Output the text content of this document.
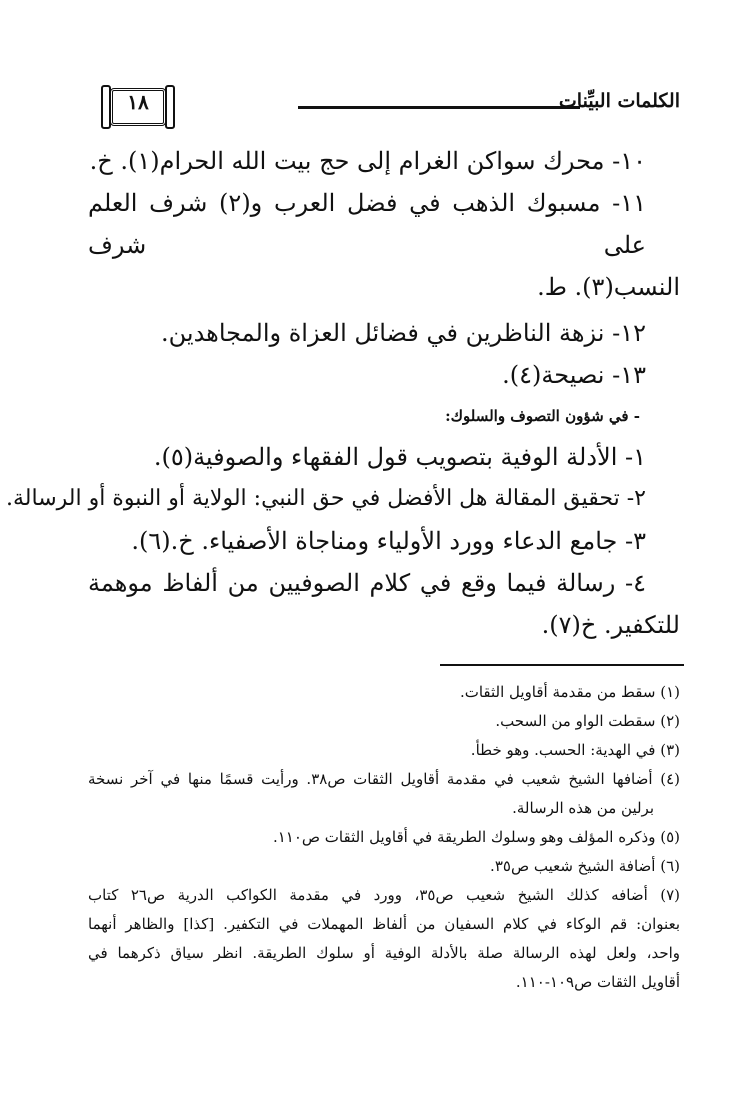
١٨	الكلمات البيِّنات
١٠- محرك سواكن الغرام إلى حج بيت الله الحرام(١). خ.
١١- مسبوك الذهب في فضل العرب و(٢) شرف العلم على شرف
النسب(٣). ط.
١٢- نزهة الناظرين في فضائل العزاة والمجاهدين.
١٣- نصيحة(٤).
- في شؤون التصوف والسلوك:
١- الأدلة الوفية بتصويب قول الفقهاء والصوفية(٥).
٢- تحقيق المقالة هل الأفضل في حق النبي: الولاية أو النبوة أو الرسالة.
٣- جامع الدعاء وورد الأولياء ومناجاة الأصفياء. خ.(٦).
٤- رسالة فيما وقع في كلام الصوفيين من ألفاظ موهمة
للتكفير. خ(٧).
(١) سقط من مقدمة أقاويل الثقات.
(٢) سقطت الواو من السحب.
(٣) في الهدية: الحسب. وهو خطأ.
(٤) أضافها الشيخ شعيب في مقدمة أقاويل الثقات ص٣٨. ورأيت قسمًا منها في آخر نسخة
برلين من هذه الرسالة.
(٥) وذكره المؤلف وهو وسلوك الطريقة في أقاويل الثقات ص١١٠.
(٦) أضافة الشيخ شعيب ص٣٥.
(٧) أضافه كذلك الشيخ شعيب ص٣٥، وورد في مقدمة الكواكب الدرية ص٢٦ كتاب
بعنوان: قم الوكاء في كلام السفيان من ألفاظ المهملات في التكفير. [كذا] والظاهر أنهما
واحد، ولعل لهذه الرسالة صلة بالأدلة الوفية أو سلوك الطريقة. انظر سياق ذكرهما في
أقاويل الثقات ص١٠٩-١١٠.
